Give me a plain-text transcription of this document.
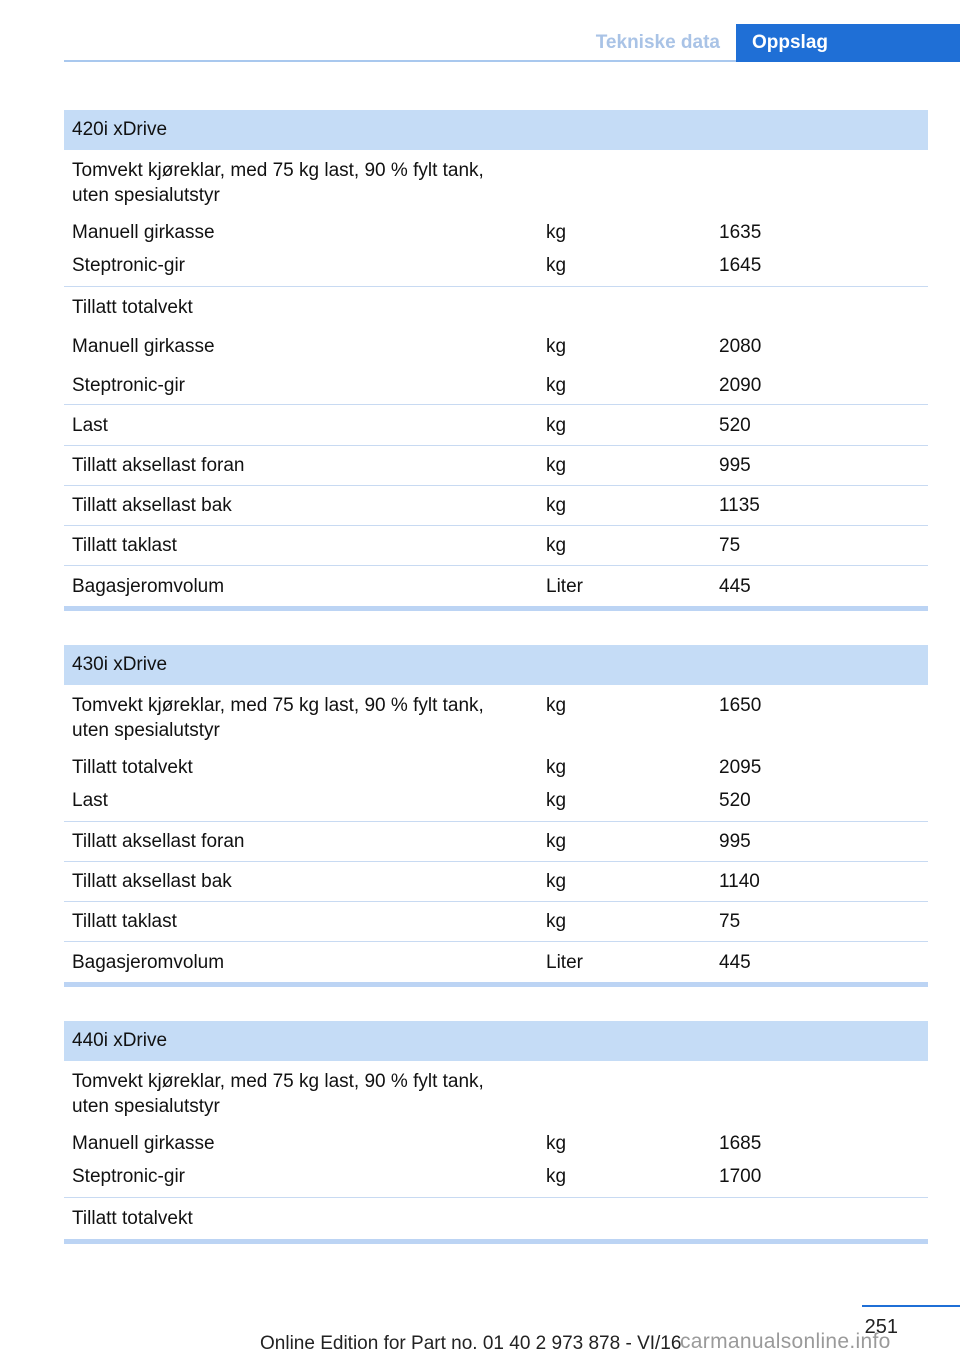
Tekniske data	Oppslag
420i xDrive
Tomvekt kjøreklar, med 75 kg last, 90 % fylt tank,
uten spesialutstyr
Manuell girkasse	kg	1635
Steptronic-gir	kg	1645
Tillatt totalvekt
Manuell girkasse	kg	2080
Steptronic-gir	kg	2090
Last	kg	520
Tillatt aksellast foran	kg	995
Tillatt aksellast bak	kg	1135
Tillatt taklast	kg	75
Bagasjeromvolum	Liter	445
430i xDrive
Tomvekt kjøreklar, med 75 kg last, 90 % fylt tank,
uten spesialutstyr
kg	1650
Tillatt totalvekt	kg	2095
Last	kg	520
Tillatt aksellast foran	kg	995
Tillatt aksellast bak	kg	1140
Tillatt taklast	kg	75
Bagasjeromvolum	Liter	445
440i xDrive
Tomvekt kjøreklar, med 75 kg last, 90 % fylt tank,
uten spesialutstyr
Manuell girkasse	kg	1685
Steptronic-gir	kg	1700
Tillatt totalvekt
251
Online Edition for Part no. 01 40 2 973 878 - VI/16
carmanualsonline.info
